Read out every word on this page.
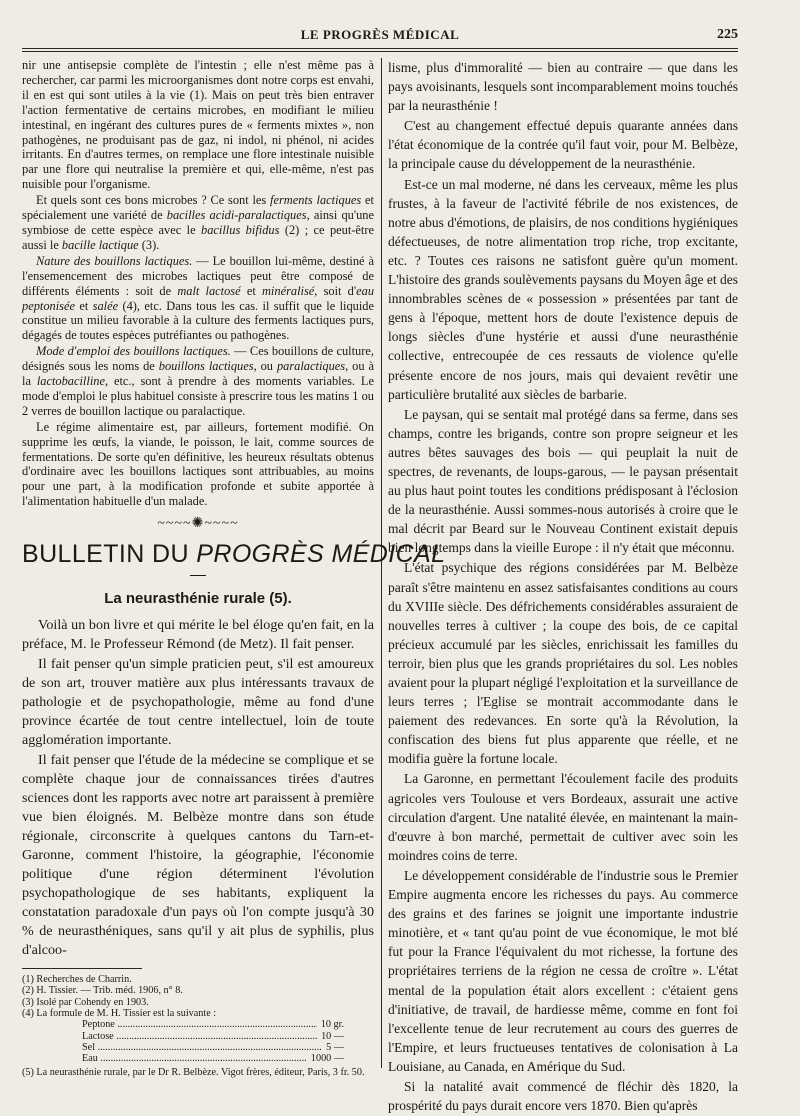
LE PROGRÈS MÉDICAL	225

nir une antisepsie complète de l'intestin ; elle n'est même pas à rechercher, car parmi les microorganismes dont notre corps est envahi, il en est qui sont utiles à la vie (1). Mais on peut très bien entraver l'action fermentative de certains microbes, en modifiant le milieu intestinal, en ingérant des cultures pures de « ferments mixtes », non pathogènes, ne produisant pas de gaz, ni indol, ni phénol, ni acides irritants. En d'autres termes, on remplace une flore intestinale nuisible par une flore qui neutralise la première et qui, elle-même, n'est pas nuisible pour l'organisme.

Et quels sont ces bons microbes ? Ce sont les ferments lactiques et spécialement une variété de bacilles acidi-paralactiques, ainsi qu'une symbiose de cette espèce avec le bacillus bifidus (2) ; ce peut-être aussi le bacille lactique (3).

Nature des bouillons lactiques. — Le bouillon lui-même, destiné à l'ensemencement des microbes lactiques peut être composé de différents éléments : soit de malt lactosé et minéralisé, soit d'eau peptonisée et salée (4), etc. Dans tous les cas. il suffit que le liquide constitue un milieu favorable à la culture des ferments lactiques purs, dégagés de toutes espèces putréfiantes ou pathogènes.

Mode d'emploi des bouillons lactiques. — Ces bouillons de culture, désignés sous les noms de bouillons lactiques, ou paralactiques, ou à la lactobacilline, etc., sont à prendre à des moments variables. Le mode d'emploi le plus habituel consiste à prescrire tous les matins 1 ou 2 verres de bouillon lactique ou paralactique.

Le régime alimentaire est, par ailleurs, fortement modifié. On supprime les œufs, la viande, le poisson, le lait, comme sources de fermentations. De sorte qu'en définitive, les heureux résultats obtenus d'ordinaire avec les bouillons lactiques sont attribuables, au moins pour une part, à la modification profonde et subite apportée à l'alimentation habituelle d'un malade.

~~~~✺~~~~
BULLETIN DU PROGRÈS MÉDICAL
La neurasthénie rurale (5).

Voilà un bon livre et qui mérite le bel éloge qu'en fait, en la préface, M. le Professeur Rémond (de Metz). Il fait penser.

Il fait penser qu'un simple praticien peut, s'il est amoureux de son art, trouver matière aux plus intéressants travaux de pathologie et de psychopathologie, même au fond d'une province écartée de tout centre intellectuel, loin de toute agglomération importante.

Il fait penser que l'étude de la médecine se complique et se complète chaque jour de connaissances tirées d'autres sciences dont les rapports avec notre art paraissent à première vue bien éloignés. M. Belbèze montre dans son étude régionale, circonscrite à quelques cantons du Tarn-et-Garonne, comment l'histoire, la géographie, l'économie politique d'une région déterminent l'évolution psychopathologique de ses habitants, expliquent la constatation paradoxale d'un pays où l'on compte jusqu'à 30 % de neurasthéniques, sans qu'il y ait plus de syphilis, plus d'alcoo-

(1) Recherches de Charrin.

(2) H. Tissier. — Trib. méd. 1906, n° 8.

(3) Isolé par Cohendy en 1903.

(4) La formule de M. H. Tissier est la suivante :

Peptone .....	10 gr.
Lactose .....	10 —
Sel .....	5 —
Eau .....	1000 —

(5) La neurasthénie rurale, par le Dr R. Belbèze. Vigot frères, éditeur, Paris, 3 fr. 50.

lisme, plus d'immoralité — bien au contraire — que dans les pays avoisinants, lesquels sont incomparablement moins touchés par la neurasthénie !

C'est au changement effectué depuis quarante années dans l'état économique de la contrée qu'il faut voir, pour M. Belbèze, la principale cause du développement de la neurasthénie.

Est-ce un mal moderne, né dans les cerveaux, même les plus frustes, à la faveur de l'activité fébrile de nos existences, de notre abus d'émotions, de plaisirs, de nos conditions hygiéniques défectueuses, de notre alimentation trop riche, trop excitante, etc. ? Toutes ces raisons ne satisfont guère qu'un moment. L'histoire des grands soulèvements paysans du Moyen âge et des innombrables scènes de « possession » présentées par tant de gens à l'époque, mettent hors de doute l'existence depuis de longs siècles d'une hystérie et aussi d'une neurasthénie collective, entrecoupée de ces ressauts de violence qu'elle présente encore de nos jours, mais qui devaient revêtir une particulière brutalité aux siècles de barbarie.

Le paysan, qui se sentait mal protégé dans sa ferme, dans ses champs, contre les brigands, contre son propre seigneur et les autres bêtes sauvages des bois — qui peuplait la nuit de spectres, de revenants, de loups-garous, — le paysan présentait au plus haut point toutes les conditions prédisposant à l'éclosion de la neurasthénie. Aussi sommes-nous autorisés à croire que le mal décrit par Beard sur le Nouveau Continent existait depuis bien longtemps dans la vieille Europe : il n'y était que méconnu.

L'état psychique des régions considérées par M. Belbèze paraît s'être maintenu en assez satisfaisantes conditions au cours du XVIIIe siècle. Des défrichements considérables assuraient de nouvelles terres à cultiver ; la coupe des bois, de ce capital précieux accumulé par les siècles, enrichissait les familles du terroir, bien plus que les grands propriétaires du sol. Les nobles avaient pour la plupart négligé l'exploitation et la surveillance de leurs terres ; l'Eglise se montrait accommodante dans le paiement des redevances. En sorte qu'à la Révolution, la confiscation des biens fut plus apparente que réelle, et ne modifia guère la fortune locale.

La Garonne, en permettant l'écoulement facile des produits agricoles vers Toulouse et vers Bordeaux, assurait une active circulation d'argent. Une natalité élevée, en maintenant la main-d'œuvre à bon marché, permettait de cultiver avec soin les moindres coins de terre.

Le développement considérable de l'industrie sous le Premier Empire augmenta encore les richesses du pays. Au commerce des grains et des farines se joignit une importante industrie minotière, et « tant qu'au point de vue économique, le mot blé fut pour la France l'équivalent du mot richesse, la fortune des propriétaires terriens de la région ne cessa de croître ». L'état mental de la population était alors excellent : c'étaient gens d'initiative, de travail, de hardiesse même, comme en font foi l'excellente tenue de leur recrutement au cours des guerres de l'Empire, et leurs fructueuses tentatives de colonisation à La Louisiane, au Canada, en Amérique du Sud.

Si la natalité avait commencé de fléchir dès 1820, la prospérité du pays durait encore vers 1870. Bien qu'après
